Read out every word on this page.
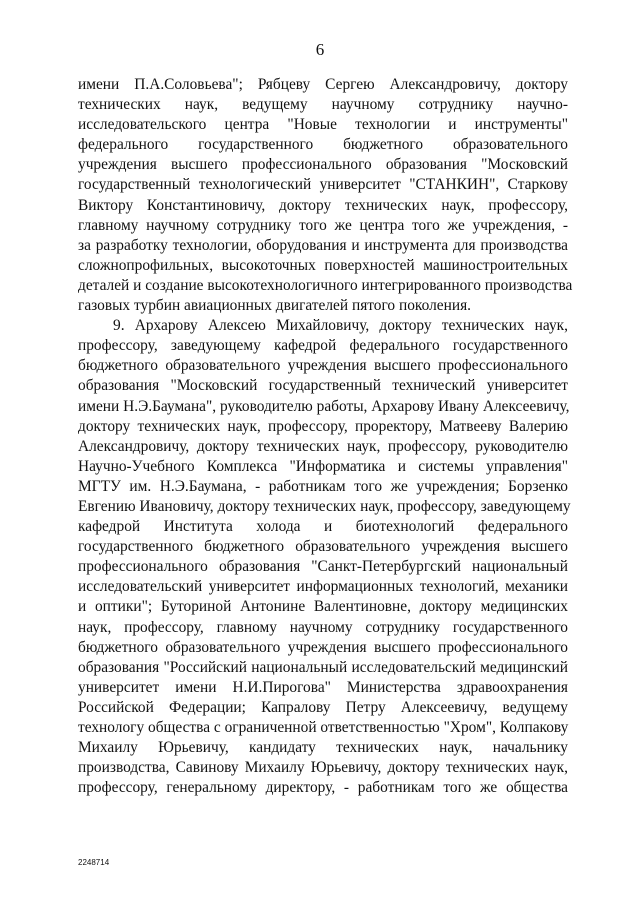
6
имени П.А.Соловьева"; Рябцеву Сергею Александровичу, доктору
технических наук, ведущему научному сотруднику научно-
исследовательского центра "Новые технологии и инструменты"
федерального государственного бюджетного образовательного
учреждения высшего профессионального образования "Московский
государственный технологический университет "СТАНКИН", Старкову
Виктору Константиновичу, доктору технических наук, профессору,
главному научному сотруднику того же центра того же учреждения, -
за разработку технологии, оборудования и инструмента для производства
сложнопрофильных, высокоточных поверхностей машиностроительных
деталей и создание высокотехнологичного интегрированного производства
газовых турбин авиационных двигателей пятого поколения.
9. Архарову Алексею Михайловичу, доктору технических наук,
профессору, заведующему кафедрой федерального государственного
бюджетного образовательного учреждения высшего профессионального
образования "Московский государственный технический университет
имени Н.Э.Баумана", руководителю работы, Архарову Ивану Алексеевичу,
доктору технических наук, профессору, проректору, Матвееву Валерию
Александровичу, доктору технических наук, профессору, руководителю
Научно-Учебного Комплекса "Информатика и системы управления"
МГТУ им. Н.Э.Баумана, - работникам того же учреждения; Борзенко
Евгению Ивановичу, доктору технических наук, профессору, заведующему
кафедрой Института холода и биотехнологий федерального
государственного бюджетного образовательного учреждения высшего
профессионального образования "Санкт-Петербургский национальный
исследовательский университет информационных технологий, механики
и оптики"; Буториной Антонине Валентиновне, доктору медицинских
наук, профессору, главному научному сотруднику государственного
бюджетного образовательного учреждения высшего профессионального
образования "Российский национальный исследовательский медицинский
университет имени Н.И.Пирогова" Министерства здравоохранения
Российской Федерации; Капралову Петру Алексеевичу, ведущему
технологу общества с ограниченной ответственностью "Хром", Колпакову
Михаилу Юрьевичу, кандидату технических наук, начальнику
производства, Савинову Михаилу Юрьевичу, доктору технических наук,
профессору, генеральному директору, - работникам того же общества
2248714
